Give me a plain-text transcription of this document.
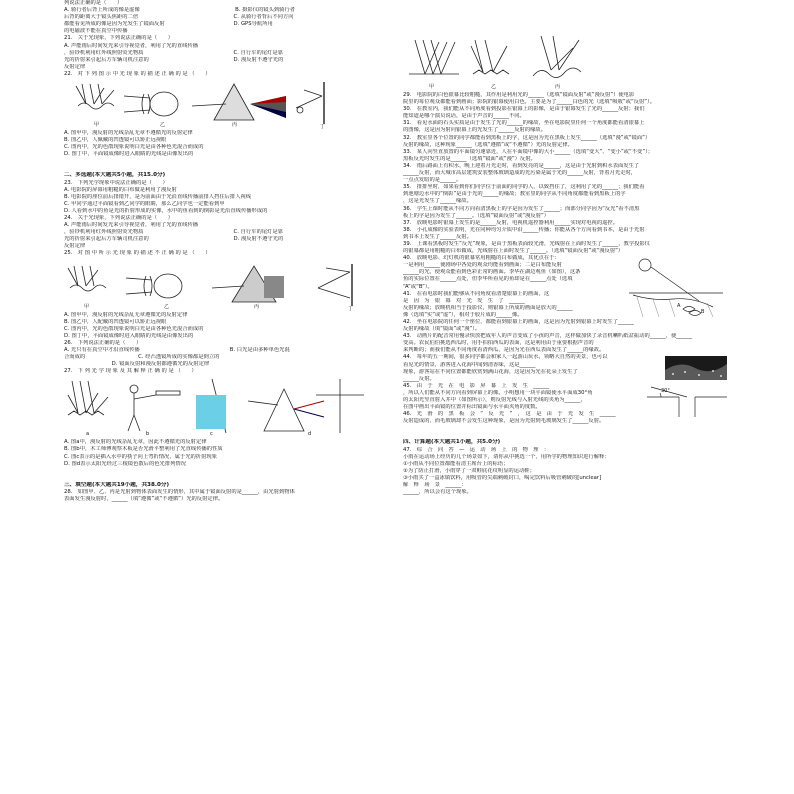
列说法正确的是（　　）

A. 骑行者后背上所成的像是虚像　　　　　　　　　　　　　　　　　　B. 摄影仪的镜头到骑行者

后背的距离大于镜头焦距的二倍　　　　　　　　　　　　　　　　　　C. 从骑行者背后不同方向

都能看见所成的像是因为光发生了镜面反射　　　　　　　　　　　　　D. GPS导航所用

的电磁波不能在真空中传播

21.　关于光现象，下列说法正确的是（　　）

A. 声能雨后时间发光来引导视觉者，利用了光的直线传播

，验钞机利用红外线照射荧光物质　　　　　　　　　　　　　　　　　C. 自行车的尾灯是靠

光的折射来引起后方车辆司机注意的　　　　　　　　　　　　　　　　D. 漫反射不遵守光的

反射定律

22.　对 下 列 图 示 中 光 现 象 的 描 述 正 确 的 是 （　　）

甲	乙	丙	丁

A. 图甲中，漫反射的光线杂乱无章不遵循光的反射定律

B. 图乙中，人佩戴的凹透镜可以矫正远视眼

C. 图丙中，光的色散现象说明白光是由各种色光混合而成的

D. 图丁中，平面镜成像时进入眼睛的光线是由像发出的

二、多选题(本大题共5小题，共15.0分)

23.　下列光学现象中说法正确的是（　　）

A. 电影院的屏幕用粗糙的白布做是利用了漫反射

B. 电影院的座位前后排错开，是为前面由于光沿直线传播前排人挡住后排人视线

C. 甲同学通过平面镜看到乙同学的眼睛，那么乙同学也一定能看到甲

D. 人看到水中的鱼是光的折射形成的实像，水中的鱼看到的倒影是光沿直线传播形成的

24.　关于光现象，下列说法正确的是（　　）

A. 声能雨后时间发光来引导视觉者，利用了光的直线传播

，验钞机利用红外线照射荧光物质　　　　　　　　　　　　　　　　　C. 自行车的尾灯是靠

光的折射来引起后方车辆司机注意的　　　　　　　　　　　　　　　　D. 漫反射不遵守光的

反射定律

25.　对 图 中 所 示 光 现 象 的 描 述 不 正 确 的 是 （　　）

甲	乙	丙	丁

A. 图甲中，漫反射的光线杂乱无章遵循光的反射定律

B. 图乙中，人配戴的凹透镜可以矫正远视眼

C. 图丙中，光的色散现象说明白光是由各种色光混合而成的

D. 图丁中，平面镜成像时进入眼睛的光线是由像发出的

26.　下列说法正确的是（　　）

A. 光只有在真空中才沿直线传播　　　　　　　　　　　　　　　　　B. 白光是由多种单色光混

合而成的　　　　　　　　　　C. 经凸透镜所成的实像都是倒立的

　　　　　　　　　D. 镜面反射和漫反射都遵循光的反射定律

27.　下 列 光 学 现 象 及 其 解 释 正 确 的 是 （　　）

a	b	c	d

A. 图a中，漫反射的光线杂乱无章，因此不遵循光的反射定律

B. 图b中，木工师傅观察木板是否光滑平整利用了光直线传播的性质

C. 图c表示的是插入水中的筷子向上弯折情况，属于光的折射现象

D. 图d表示太阳光经过三棱镜色散后的色光排列情况

三、填空题(本大题共19小题，共38.0分)

28.　如图甲、乙、丙是光射到物体表面发生的情形，其中属于镜面反射的是______，由光射到物体

表面发生漫反射时，______（填“遵循”或“不遵循”）光的反射定律。

甲	乙	丙

29.　电影院的白色银幕比较粗糙，其作用是利用光的______（选填“镜面反射”或“漫反射”）使电影

院里的每位观众都能看到画面；影院的银幕使用白色，主要是为了______白色的光（选填“吸收”或“反射”）。

30.　在教室内，我们能从不同角度看到投影在银幕上的影像，是由于银幕发生了光的______反射；我们

能知道是哪个演员说话，是由于声音的______不同。

31.　看见水面的石头实质是由于发生了光的______的缘故，坐在电影院里任何一个角度都能看清银幕上

的图像，这是因为射向银幕上的光发生了______反射的缘故。

32.　教室里各个位置的同学都能看到黑板上的字，这是因为光在黑板上发生______（选填“漫”或“镜面”）

反射的缘故，这种现象______（选填“遵循”或“不遵循”）光的反射定律。

33.　某人向竖直放置的平面镜匀速靠近，人在平面镜中像的大小______（选填“变大”、“变小”或“不变”）；

黑板反光时发生的是______（选填“镜面”或“漫”）反射。

34.　雨后路面上有积水，晚上迎着月光走时，看到发亮的是______，这是由于光射到积水表面发生了

______反射，而大城市高层建筑安装整体玻璃造成的光污染是属于光的______反射，背着月光走时，

一点点发暗的是______。

35.　排排坐时，如果看到你们同学位于前面的同学的人，以致挡住了，这利用了光的______；我们能看

到池塘边水中的“倒影”是由于光的______的缘故；教室里的同学从不同角度都能看到黑板上的字

，这是光发生了______缘故。

36.　学生上课时能从不同方向看清黑板上的字是因为发生了______；而部分同学因为“反光”看不清黑

板上的字是因为发生了______。（选填“镜面反射”或“漫反射”）

37.　放映电影时银幕上发生的是______反射，电视机遥控器利用______实现对电视的遥控。

38.　小孔成像的实验表明，光在同种均匀介质中沿______传播；你能从各个方向看到书本，是由于光射

到书本上发生了______反射。

39.　上课看黑板时发生“反光”现象，是由于黑板表面较光滑，光线射在上面时发生了______，教学投影仪

的银幕都是用粗糙的白布做成，光线射在上面时发生了______。（选填“镜面反射”或“漫反射”）

40.　放映电影、幻灯机的银幕常用粗糙的白布做成，其优点在于：

一是利用______使剧场中各处的观众均能看到画面；二是白布能反射

______的光，使观众能看到色彩正常的画面。李华在湖边观鱼（如图），这条

鱼的实际位置在______点处，但李华所看见的鱼却是在______点处（选填

“A”或“B”）。

41.　在看电影时我们能够从不同角度看清楚银幕上的画面，这

是　因　为　银　幕　对　光　发　生　了　______

反射的缘故；放映机相当于投影仪，则银幕上所成的画面是放大的______

像（选填“实”或“虚”），相对于胶片成的______像。

A
B

42.　坐在电影院的任何一个座位，都能看到银幕上的画面，这是因为光射到银幕上时发生了______

反射的缘故（填“镜面”或“漫”）。

43.　动画片的配音常用慢录快放把成年人的声音变成了小孩的声音，这样做加快了录音机喇叭纸盆振动的______，使______

变高。农民伯伯挑选西瓜时，用手拍拍西瓜的表面，这是利用由于重要根据声音的

来判断的；而我们能从不同角度看清西瓜，是因为光在西瓜表面发生了______的缘故。

44.　每年的五一期间，很多同学都会和家人一起游山玩水，领略大自然的美景，也可以

看见光的情景，游客进入花海中闻到清香味，这是______

现象，游客站在不同位置都能欣赏到满山花海，这是因为光在花朵上发生了

______反射。

45.　由　于　光　在　电　影　屏　幕　上　发　生　______

，所以人们能从不同方向看到屏幕上的像。小明想用一块平面镜使水平面成30°角

的太阳光竖直射入井中（如图所示），则反射光线与入射光线的夹角为______，

在图中画出平面镜的位置并标出镜面与水平面夹角的度数。

30°

46.　光　滑　的　黑　板　会　“　反　光　”　，　这　是　由　于　光　发　生　______

反射造成的，而毛玻璃却不会发生这种现象，是因为光射到毛玻璃发生了______反射。

四、计算题(本大题共1小题，共5.0分)

47.　综　合　问　答　—　运　动　场　上　的　物　理　：

小雨在运动场上经历的几个场景如下，请你从中挑选一个，用所学的物理知识进行解释：

①小雨从不同位置都能看清主席台上的标语；

②为了防止打滑，小雨穿了一双鞋底花纹明显的运动鞋；

③小雨买了一盒冰镇饮料，用吸管的尖端刺破封口，喝完饮料后吸管刺破的[unclear]

解　释　场　景　______：

______，所以会有这个现象。
